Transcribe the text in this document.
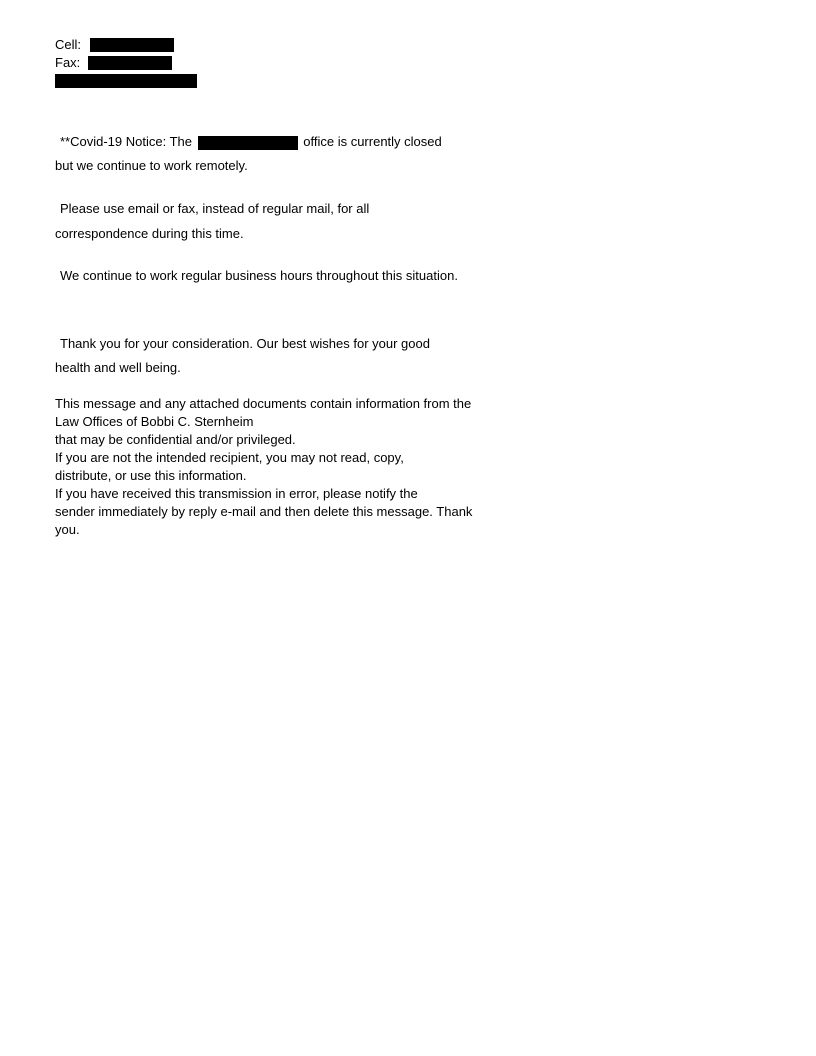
Cell:
Fax:
**Covid-19 Notice: The	office is currently closed
but we continue to work remotely.
Please use email or fax, instead of regular mail, for all
correspondence during this time.
We continue to work regular business hours throughout this situation.
Thank you for your consideration. Our best wishes for your good
health and well being.
This message and any attached documents contain information from the
Law Offices of Bobbi C. Sternheim
that may be confidential and/or privileged.
If you are not the intended recipient, you may not read, copy,
distribute, or use this information.
If you have received this transmission in error, please notify the
sender immediately by reply e-mail and then delete this message. Thank
you.
